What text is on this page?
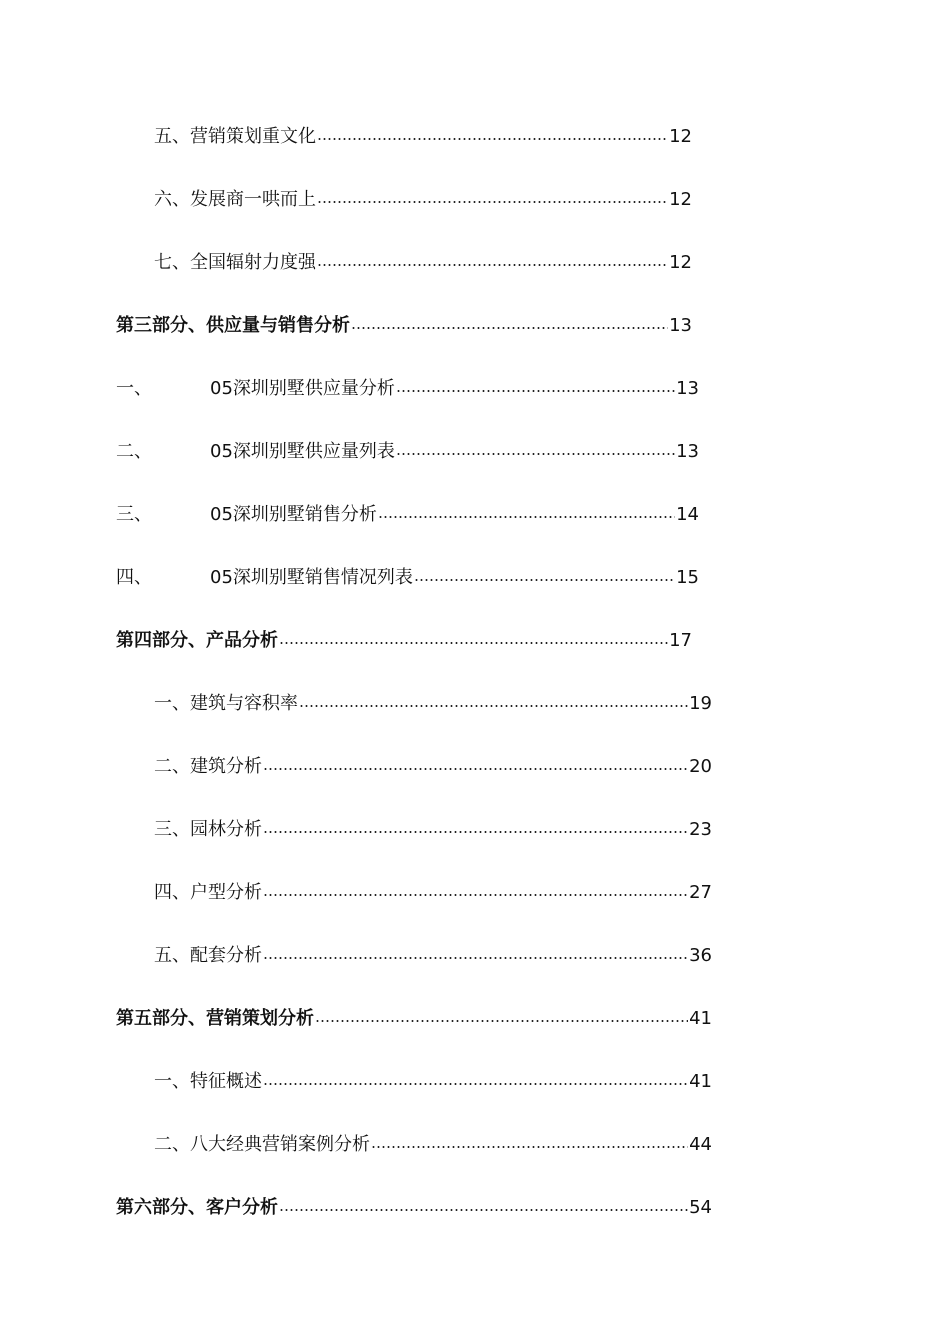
五、营销策划重文化	12
六、发展商一哄而上	12
七、全国辐射力度强	12
第三部分、供应量与销售分析	13
一、	05深圳别墅供应量分析	13
二、	05深圳别墅供应量列表	13
三、	05深圳别墅销售分析	14
四、	05深圳别墅销售情况列表	15
第四部分、产品分析	17
一、建筑与容积率	19
二、建筑分析	20
三、园林分析	23
四、户型分析	27
五、配套分析	36
第五部分、营销策划分析	41
一、特征概述	41
二、八大经典营销案例分析	44
第六部分、客户分析	54
